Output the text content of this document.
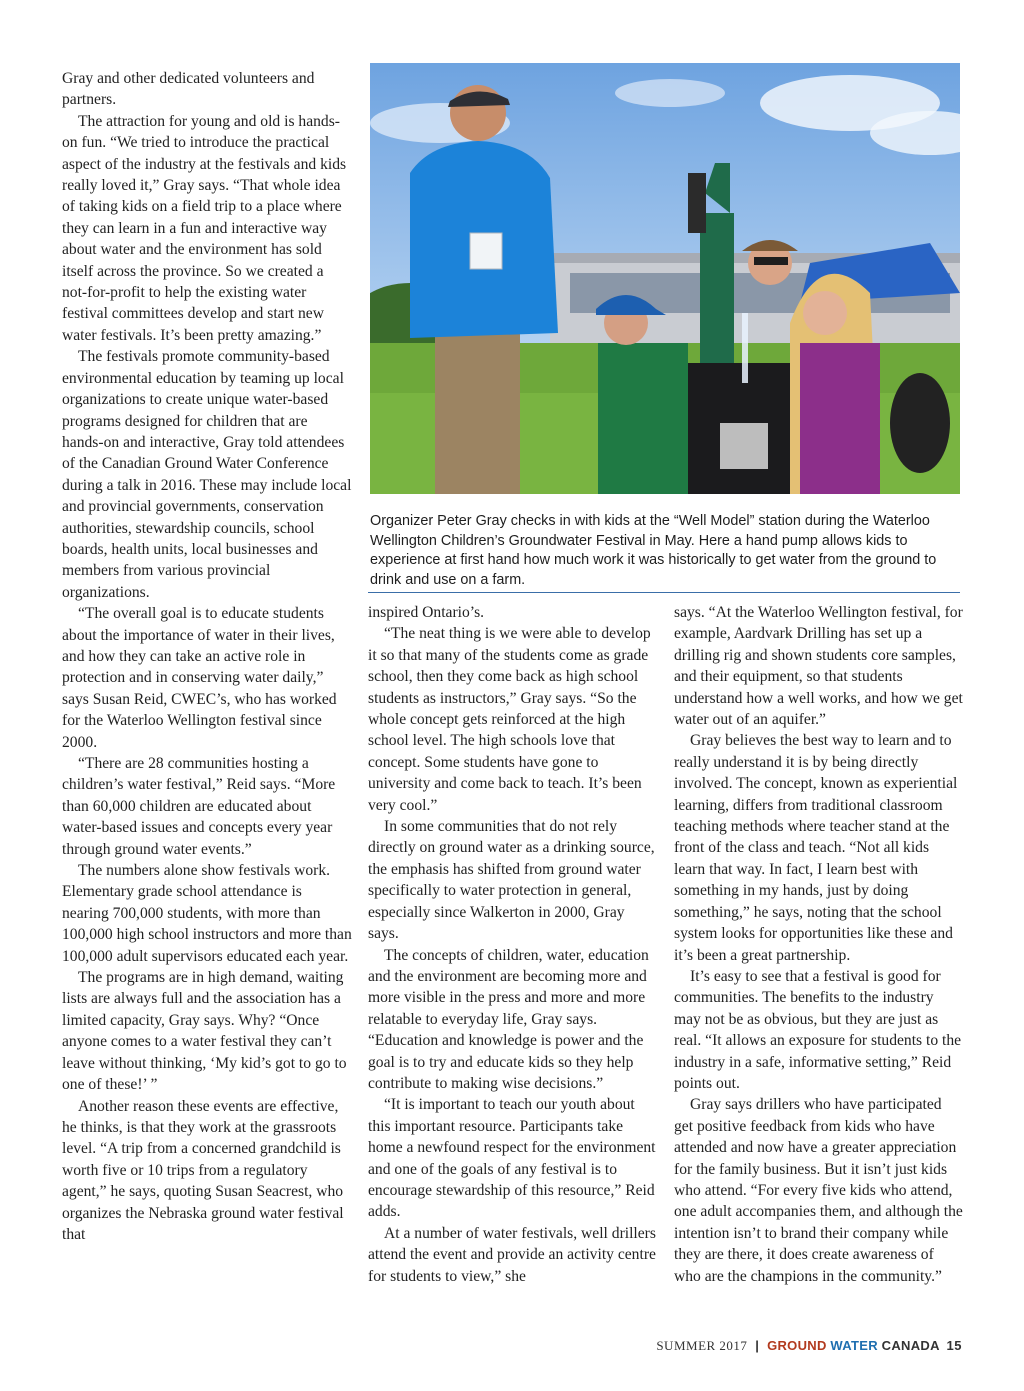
Gray and other dedicated volunteers and partners.

The attraction for young and old is hands-on fun. “We tried to introduce the practical aspect of the industry at the festivals and kids really loved it,” Gray says. “That whole idea of taking kids on a field trip to a place where they can learn in a fun and interactive way about water and the environment has sold itself across the province. So we created a not-for-profit to help the existing water festival committees develop and start new water festivals. It’s been pretty amazing.”

The festivals promote community-based environmental education by teaming up local organizations to create unique water-based programs designed for children that are hands-on and interactive, Gray told attendees of the Canadian Ground Water Conference during a talk in 2016. These may include local and provincial governments, conservation authorities, stewardship councils, school boards, health units, local businesses and members from various provincial organizations.

“The overall goal is to educate students about the importance of water in their lives, and how they can take an active role in protection and in conserving water daily,” says Susan Reid, CWEC’s, who has worked for the Waterloo Wellington festival since 2000.

“There are 28 communities hosting a children’s water festival,” Reid says. “More than 60,000 children are educated about water-based issues and concepts every year through ground water events.”

The numbers alone show festivals work. Elementary grade school attendance is nearing 700,000 students, with more than 100,000 high school instructors and more than 100,000 adult supervisors educated each year.

The programs are in high demand, waiting lists are always full and the association has a limited capacity, Gray says. Why? “Once anyone comes to a water festival they can’t leave without thinking, ‘My kid’s got to go to one of these!’ ”

Another reason these events are effective, he thinks, is that they work at the grassroots level. “A trip from a concerned grandchild is worth five or 10 trips from a regulatory agent,” he says, quoting Susan Seacrest, who organizes the Nebraska ground water festival that

Organizer Peter Gray checks in with kids at the “Well Model” station during the Waterloo Wellington Children’s Groundwater Festival in May. Here a hand pump allows kids to experience at first hand how much work it was historically to get water from the ground to drink and use on a farm.

inspired Ontario’s.

“The neat thing is we were able to develop it so that many of the students come as grade school, then they come back as high school students as instructors,” Gray says. “So the whole concept gets reinforced at the high school level. The high schools love that concept. Some students have gone to university and come back to teach. It’s been very cool.”

In some communities that do not rely directly on ground water as a drinking source, the emphasis has shifted from ground water specifically to water protection in general, especially since Walkerton in 2000, Gray says.

The concepts of children, water, education and the environment are becoming more and more visible in the press and more and more relatable to everyday life, Gray says. “Education and knowledge is power and the goal is to try and educate kids so they help contribute to making wise decisions.”

“It is important to teach our youth about this important resource. Participants take home a newfound respect for the environment and one of the goals of any festival is to encourage stewardship of this resource,” Reid adds.

At a number of water festivals, well drillers attend the event and provide an activity centre for students to view,” she

says. “At the Waterloo Wellington festival, for example, Aardvark Drilling has set up a drilling rig and shown students core samples, and their equipment, so that students understand how a well works, and how we get water out of an aquifer.”

Gray believes the best way to learn and to really understand it is by being directly involved. The concept, known as experiential learning, differs from traditional classroom teaching methods where teacher stand at the front of the class and teach. “Not all kids learn that way. In fact, I learn best with something in my hands, just by doing something,” he says, noting that the school system looks for opportunities like these and it’s been a great partnership.

It’s easy to see that a festival is good for communities. The benefits to the industry may not be as obvious, but they are just as real. “It allows an exposure for students to the industry in a safe, informative setting,” Reid points out.

Gray says drillers who have participated get positive feedback from kids who have attended and now have a greater appreciation for the family business. But it isn’t just kids who attend. “For every five kids who attend, one adult accompanies them, and although the intention isn’t to brand their company while they are there, it does create awareness of who are the champions in the community.”

SUMMER 2017 | GROUND WATER CANADA 15
